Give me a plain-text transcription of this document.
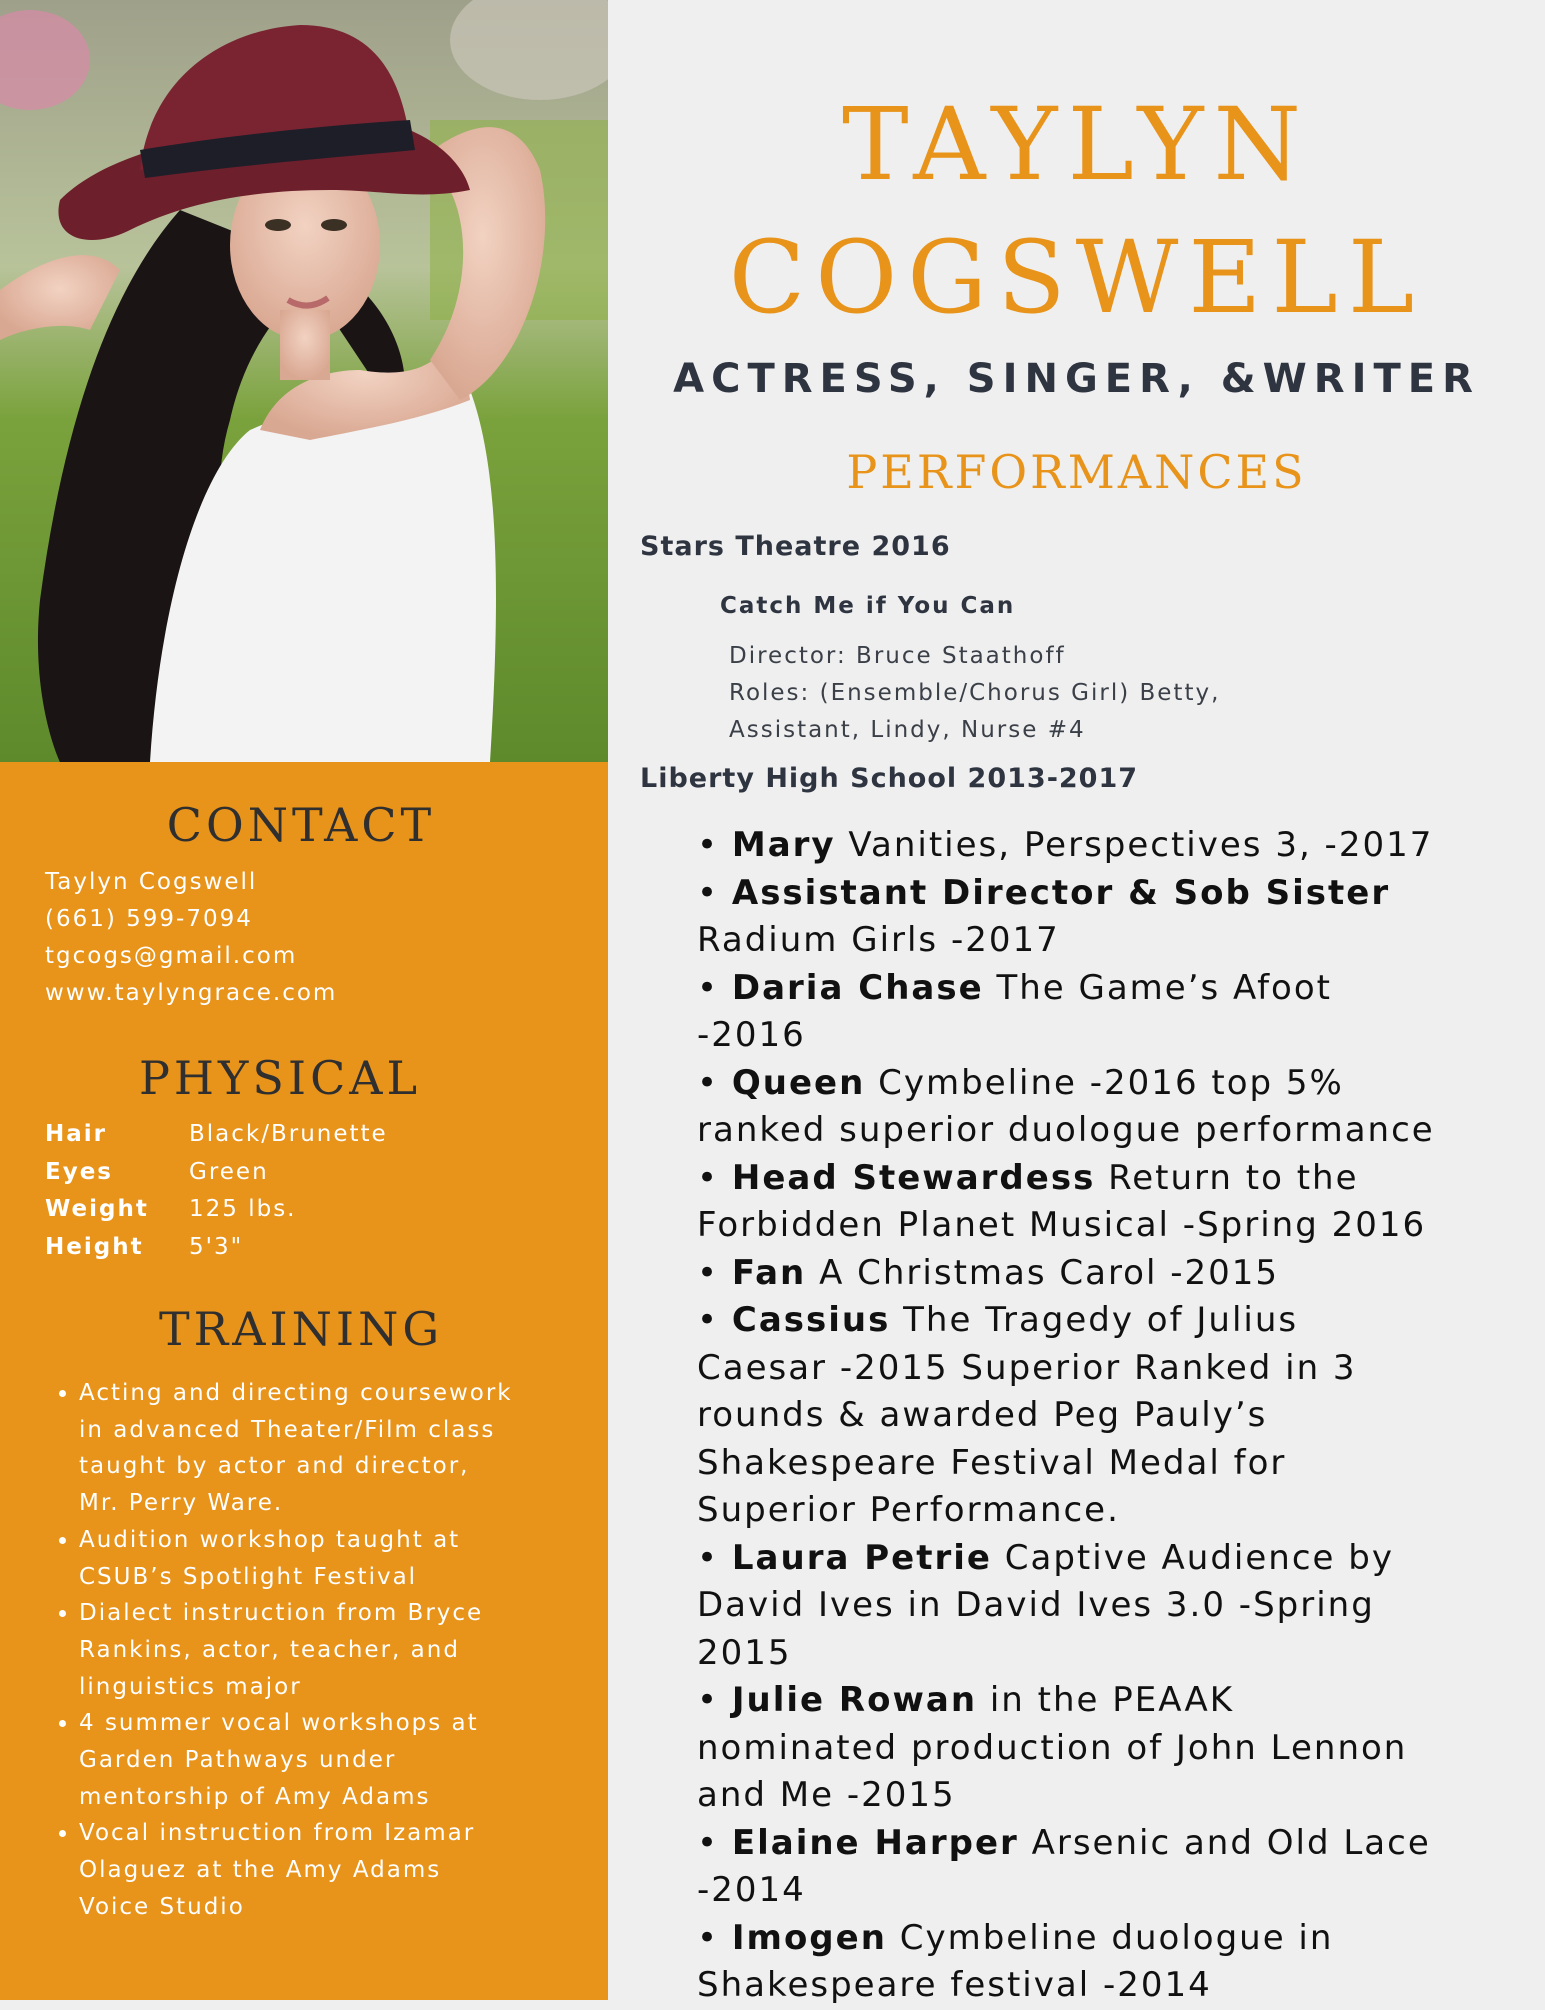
CONTACT
Taylyn Cogswell
(661) 599-7094
tgcogs@gmail.com
www.taylyngrace.com
PHYSICAL
Hair	Black/Brunette
Eyes	Green
Weight	125 lbs.
Height	5'3"
TRAINING
• Acting and directing coursework in advanced Theater/Film class taught by actor and director, Mr. Perry Ware.
• Audition workshop taught at CSUB’s Spotlight Festival
• Dialect instruction from Bryce Rankins, actor, teacher, and linguistics major
• 4 summer vocal workshops at Garden Pathways under mentorship of Amy Adams
• Vocal instruction from Izamar Olaguez at the Amy Adams Voice Studio
TAYLYN
COGSWELL
ACTRESS, SINGER, &WRITER
PERFORMANCES
Stars Theatre 2016
Catch Me if You Can
Director: Bruce Staathoff
Roles: (Ensemble/Chorus Girl) Betty,
Assistant, Lindy, Nurse #4
Liberty High School 2013-2017
• Mary Vanities, Perspectives 3, -2017
• Assistant Director & Sob Sister Radium Girls -2017
• Daria Chase The Game’s Afoot -2016
• Queen Cymbeline -2016 top 5% ranked superior duologue performance
• Head Stewardess Return to the Forbidden Planet Musical -Spring 2016
• Fan A Christmas Carol -2015
• Cassius The Tragedy of Julius Caesar -2015 Superior Ranked in 3 rounds & awarded Peg Pauly’s Shakespeare Festival Medal for Superior Performance.
• Laura Petrie Captive Audience by David Ives in David Ives 3.0 -Spring 2015
• Julie Rowan in the PEAAK nominated production of John Lennon and Me -2015
• Elaine Harper Arsenic and Old Lace -2014
• Imogen Cymbeline duologue in Shakespeare festival -2014
